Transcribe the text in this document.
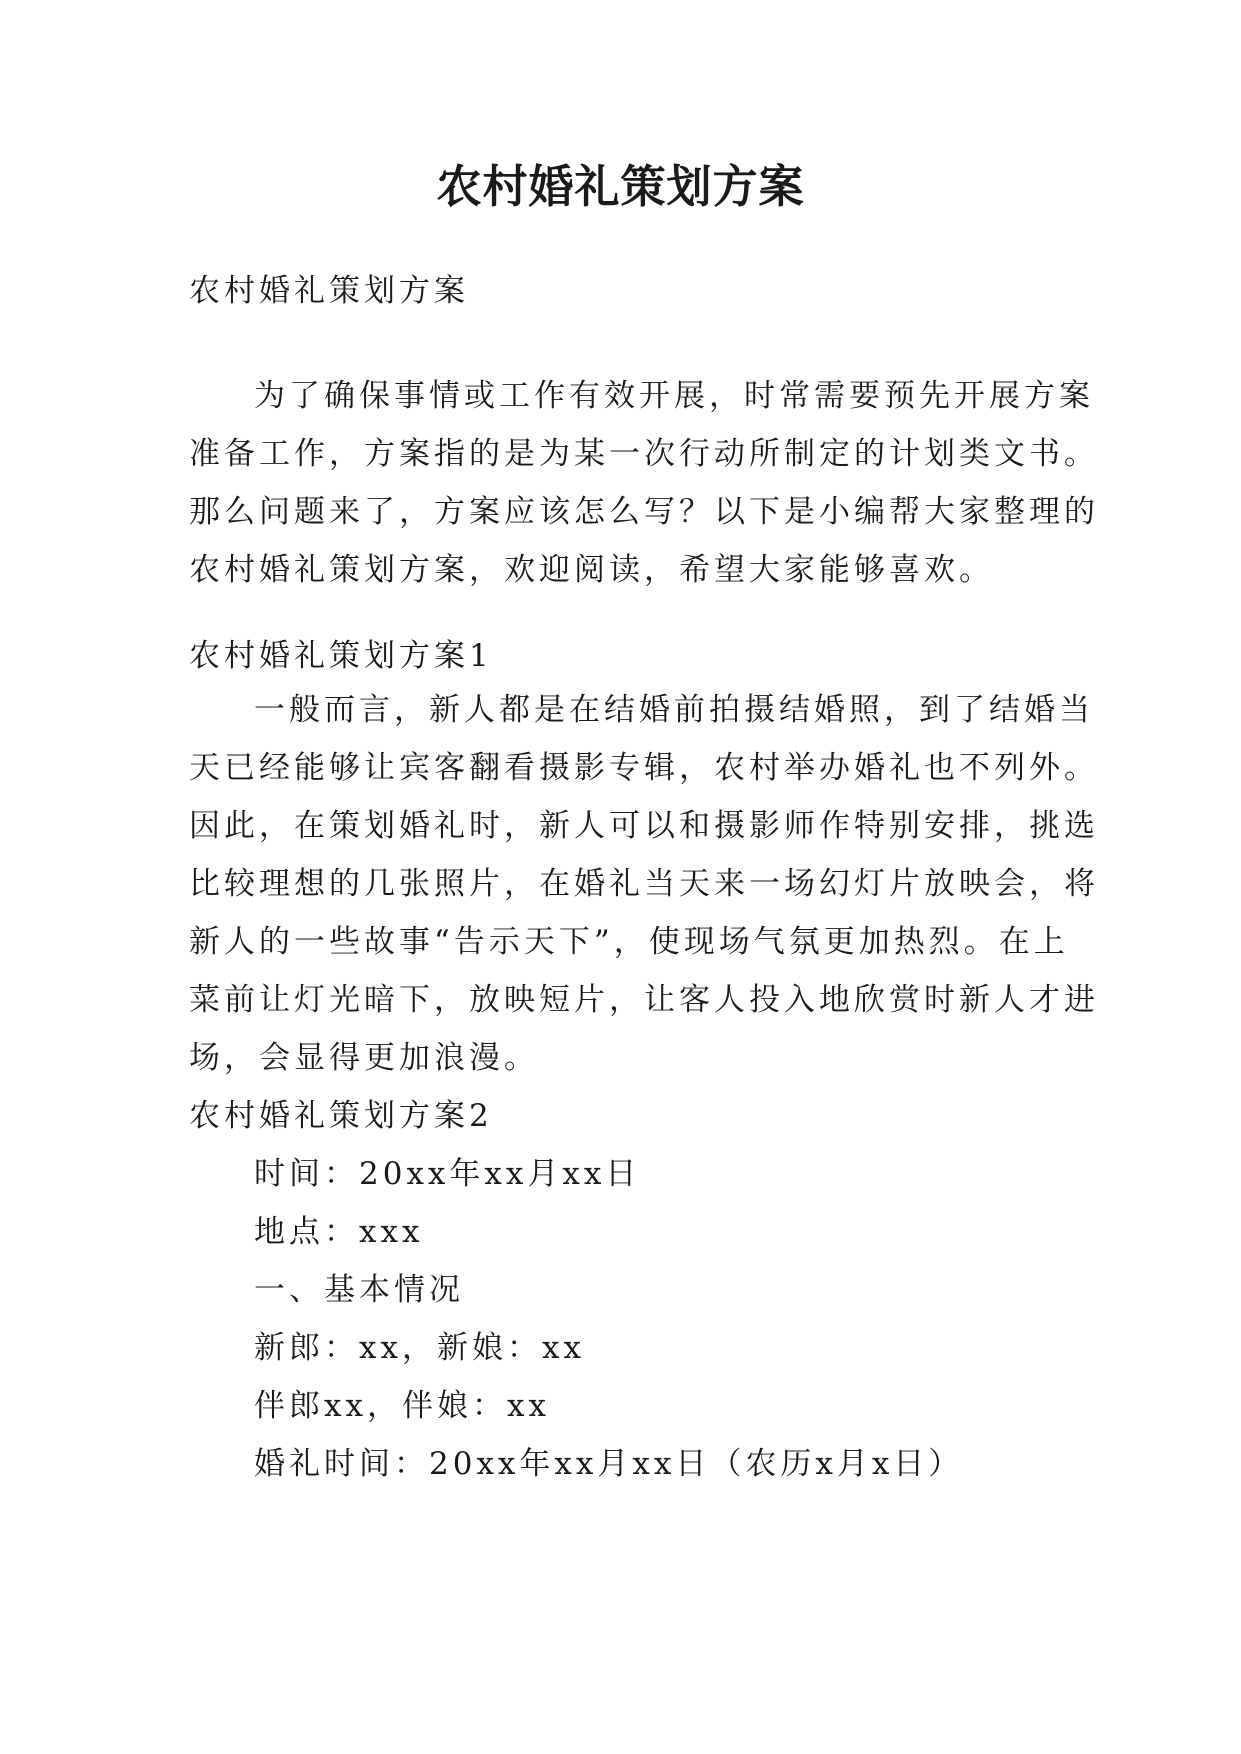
农村婚礼策划方案
农村婚礼策划方案
为了确保事情或工作有效开展，时常需要预先开展方案
准备工作，方案指的是为某一次行动所制定的计划类文书。
那么问题来了，方案应该怎么写？以下是小编帮大家整理的
农村婚礼策划方案，欢迎阅读，希望大家能够喜欢。
农村婚礼策划方案1
一般而言，新人都是在结婚前拍摄结婚照，到了结婚当
天已经能够让宾客翻看摄影专辑，农村举办婚礼也不列外。
因此，在策划婚礼时，新人可以和摄影师作特别安排，挑选
比较理想的几张照片，在婚礼当天来一场幻灯片放映会，将
新人的一些故事“告示天下”，使现场气氛更加热烈。在上
菜前让灯光暗下，放映短片，让客人投入地欣赏时新人才进
场，会显得更加浪漫。
农村婚礼策划方案2
时间：20xx年xx月xx日
地点：xxx
一、基本情况
新郎：xx，新娘：xx
伴郎xx，伴娘：xx
婚礼时间：20xx年xx月xx日（农历x月x日）
